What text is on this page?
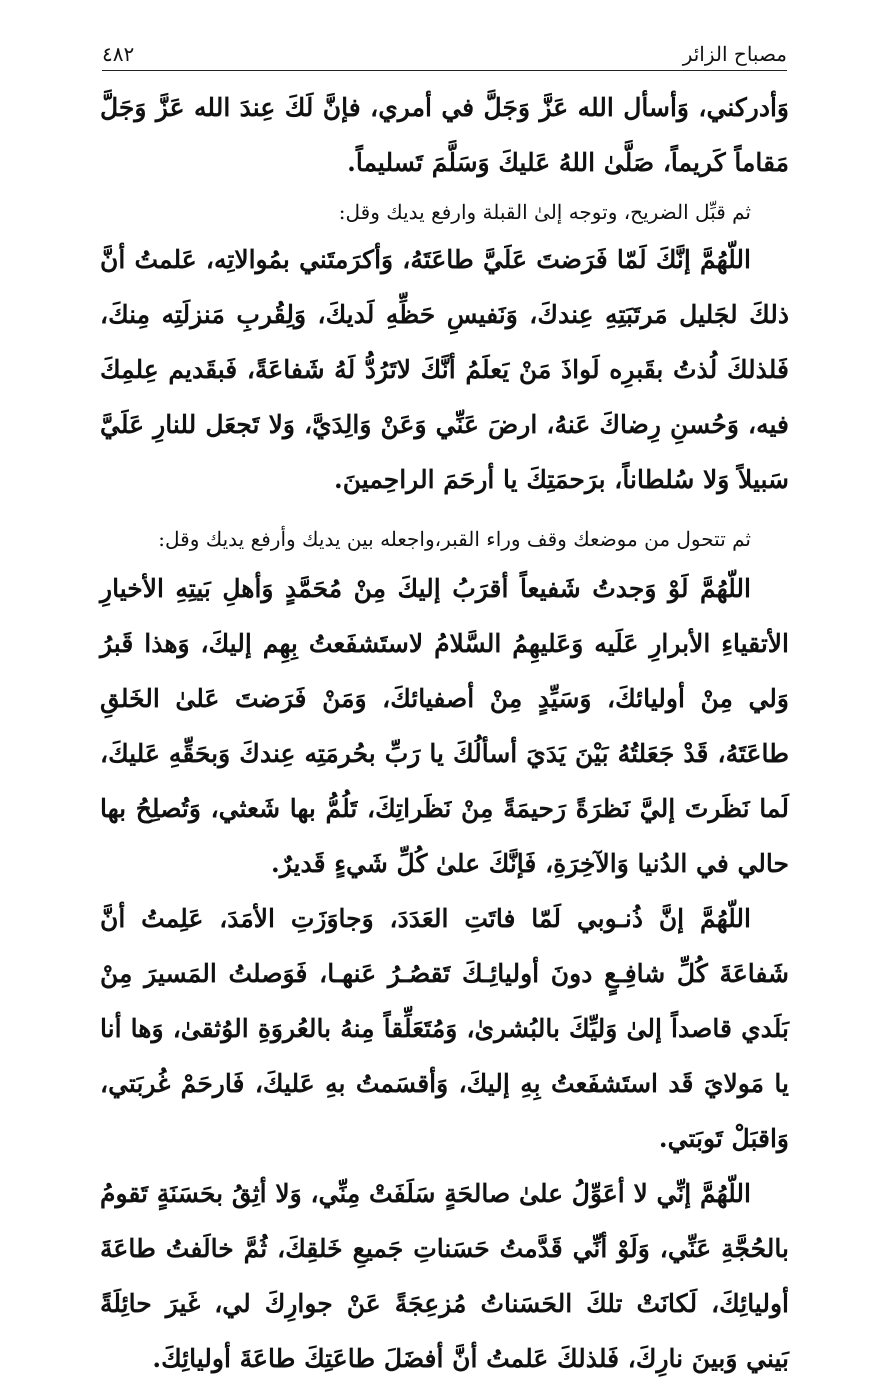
مصباح الزائر
٤٨٢

وَأدركني، وَأسأل الله عَزَّ وَجَلَّ في أمري، فإنَّ لَكَ عِندَ الله عَزَّ وَجَلَّ مَقاماً كَريماً، صَلَّىٰ اللهُ عَليكَ وَسَلَّمَ تَسليماً.

ثم قبِّل الضريح، وتوجه إلىٰ القبلة وارفع يديك وقل:

اللّهُمَّ إنَّكَ لَمّا فَرَضتَ عَلَيَّ طاعَتَهُ، وَأكرَمتَني بمُوالاتِه، عَلمتُ أنَّ ذلكَ لجَليل مَرتَبَتِهِ عِندكَ، وَنَفيسِ حَظِّهِ لَديكَ، وَلِقُربِ مَنزلَتِه مِنكَ، فَلذلكَ لُذتُ بقَبرِه لَواذَ مَنْ يَعلَمُ أنَّكَ لاتَرُدُّ لَهُ شَفاعَةً، فَبقَديم عِلمِكَ فيه، وَحُسنِ رِضاكَ عَنهُ، ارضَ عَنِّي وَعَنْ وَالِدَيَّ، وَلا تَجعَل للنارِ عَلَيَّ سَبيلاً وَلا سُلطاناً، برَحمَتِكَ يا أرحَمَ الراحِمينَ.

ثم تتحول من موضعك وقف وراء القبر،واجعله بين يديك وأرفع يديك وقل:

اللّهُمَّ لَوْ وَجدتُ شَفيعاً أقرَبُ إليكَ مِنْ مُحَمَّدٍ وَأهلِ بَيتِهِ الأخيارِ الأتقياءِ الأبرارِ عَلَيه وَعَليهِمُ السَّلامُ لاستَشفَعتُ بِهِم إليكَ، وَهذا قَبرُ وَلي مِنْ أوليائكَ، وَسَيِّدٍ مِنْ أصفيائكَ، وَمَنْ فَرَضتَ عَلىٰ الخَلقِ طاعَتَهُ، قَدْ جَعَلتُهُ بَيْنَ يَدَيَ أسألُكَ يا رَبِّ بحُرمَتِه عِندكَ وَبحَقِّهِ عَليكَ، لَما نَظَرتَ إليَّ نَظرَةً رَحيمَةً مِنْ نَظَراتِكَ، تَلُمُّ بها شَعثي، وَتُصلِحُ بها حالي في الدُنيا وَالآخِرَةِ، فَإنَّكَ علىٰ كُلِّ شَيءٍ قَديرٌ.

اللّهُمَّ إنَّ ذُنـوبي لَمّا فاتَتِ العَدَدَ، وَجاوَزَتِ الأمَدَ، عَلِمتُ أنَّ شَفاعَةَ كُلِّ شافِـعٍ دونَ أوليائِـكَ تَقصُـرُ عَنهـا، فَوَصلتُ المَسيرَ مِنْ بَلَدي قاصداً إلىٰ وَليِّكَ بالبُشرىٰ، وَمُتَعَلِّقاً مِنهُ بالعُروَةِ الوُثقىٰ، وَها أنا يا مَولايَ قَد استَشفَعتُ بِهِ إليكَ، وَأقسَمتُ بهِ عَليكَ، فَارحَمْ غُربَتي، وَاقبَلْ تَوبَتي.

اللّهُمَّ إنِّي لا أعَوِّلُ علىٰ صالحَةٍ سَلَفَتْ مِنِّي، وَلا أثِقُ بحَسَنَةٍ تَقومُ بالحُجَّةِ عَنِّي، وَلَوْ أنِّي قَدَّمتُ حَسَناتِ جَميعِ خَلقِكَ، ثُمَّ خالَفتُ طاعَةَ أوليائِكَ، لَكانَتْ تلكَ الحَسَناتُ مُزعِجَةً عَنْ جوارِكَ لي، غَيرَ حائِلَةً بَيني وَبينَ نارِكَ، فَلذلكَ عَلمتُ أنَّ أفضَلَ طاعَتِكَ طاعَةَ أوليائِكَ.
